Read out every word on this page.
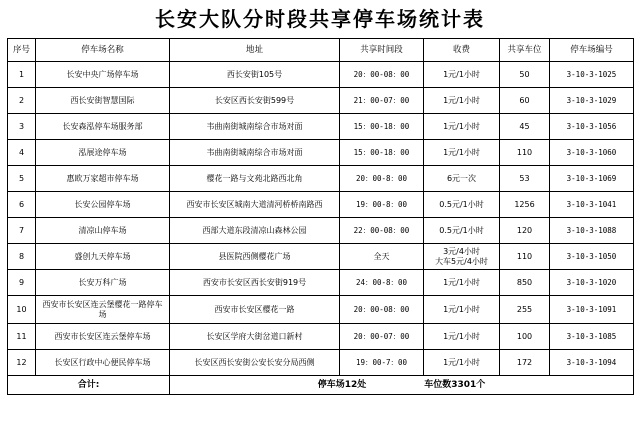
长安大队分时段共享停车场统计表
序号	停车场名称	地址	共享时间段	收费	共享车位	停车场编号
1	长安中央广场停车场	西长安街105号	20：00-08：00	1元/1小时	50	3-10-3-1025
2	西长安街智慧国际	长安区西长安街599号	21：00-07：00	1元/1小时	60	3-10-3-1029
3	长安森泓停车场服务部	韦曲南街城南综合市场对面	15：00-18：00	1元/1小时	45	3-10-3-1056
4	泓展途停车场	韦曲南街城南综合市场对面	15：00-18：00	1元/1小时	110	3-10-3-1060
5	惠欧万家超市停车场	樱花一路与文苑北路西北角	20：00-8：00	6元一次	53	3-10-3-1069
6	长安公园停车场	西安市长安区城南大道清河桥桥南路西	19：00-8：00	0.5元/1小时	1256	3-10-3-1041
7	清凉山停车场	西部大道东段清凉山森林公园	22：00-08：00	0.5元/1小时	120	3-10-3-1088
8	盛创九天停车场	县医院西侧樱花广场	全天	3元/4小时
大车5元/4小时	110	3-10-3-1050
9	长安万科广场	西安市长安区西长安街919号	24：00-8：00	1元/1小时	850	3-10-3-1020
10	西安市长安区连云堡樱花一路停车
场	西安市长安区樱花一路	20：00-08：00	1元/1小时	255	3-10-3-1091
11	西安市长安区连云堡停车场	长安区学府大街岔道口新村	20：00-07：00	1元/1小时	100	3-10-3-1085
12	长安区行政中心便民停车场	长安区西长安街公安长安分局西侧	19：00-7：00	1元/1小时	172	3-10-3-1094
合计:		停车场12处 车位数3301个				
